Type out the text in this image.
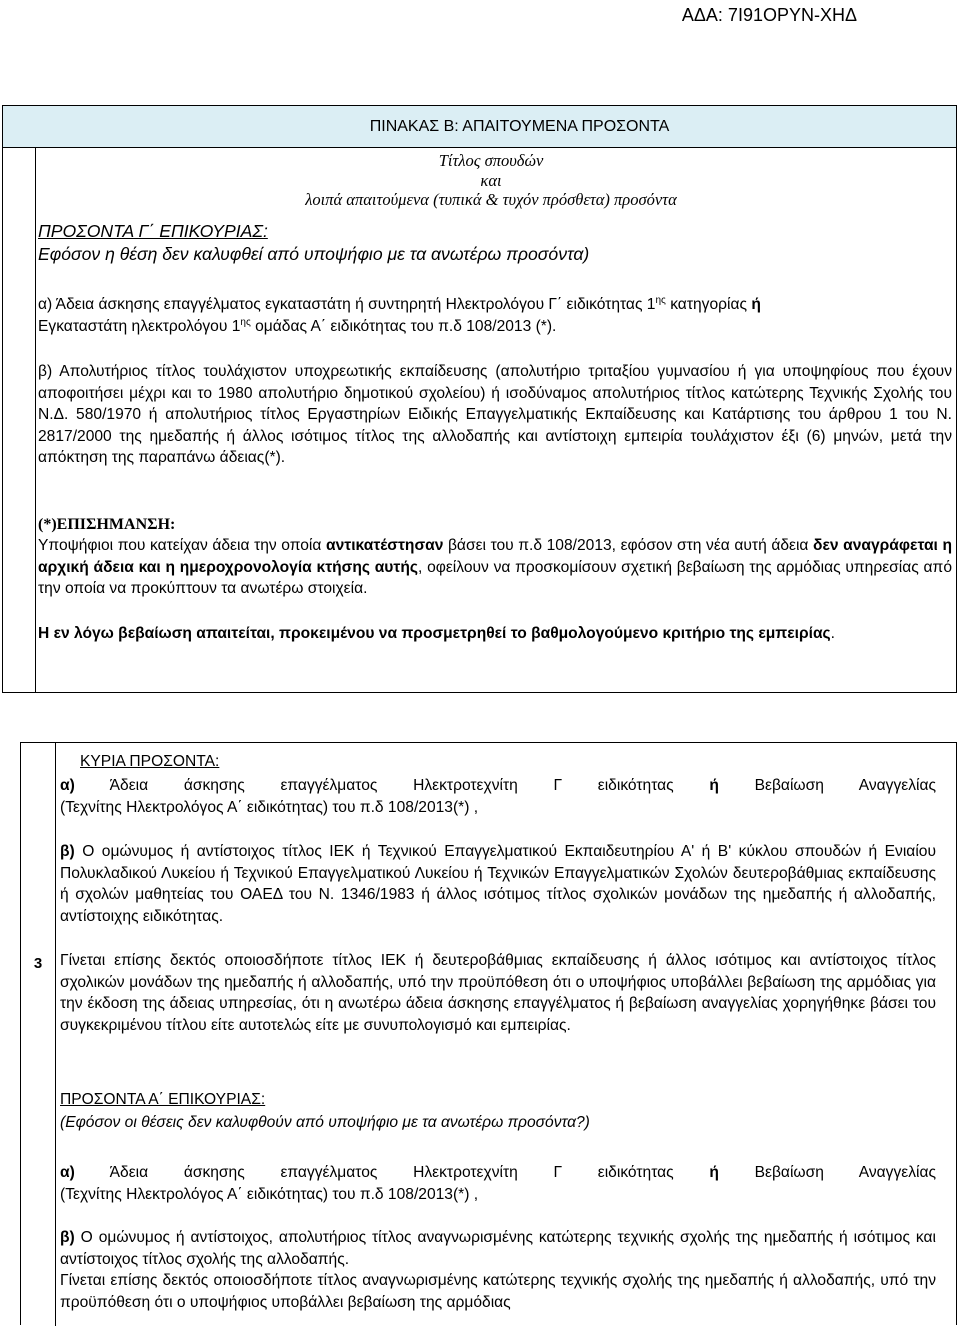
ΑΔΑ: 7Ι91ΟΡΥΝ-ΧΗΔ
ΠΙΝΑΚΑΣ Β: ΑΠΑΙΤΟΥΜΕΝΑ ΠΡΟΣΟΝΤΑ
Τίτλος σπουδών
και
λοιπά απαιτούμενα (τυπικά & τυχόν πρόσθετα) προσόντα
ΠΡΟΣΟΝΤΑ Γ΄ ΕΠΙΚΟΥΡΙΑΣ:
Εφόσον η θέση δεν καλυφθεί από υποψήφιο με τα ανωτέρω προσόντα)
α) Άδεια άσκησης επαγγέλματος εγκαταστάτη ή συντηρητή Ηλεκτρολόγου Γ΄ ειδικότητας $1^{\eta\varsigma}$ κατηγορίας ή
Εγκαταστάτη ηλεκτρολόγου $1^{\eta\varsigma}$ ομάδας Α΄ ειδικότητας του π.δ 108/2013 (*).
β) Απολυτήριος τίτλος τουλάχιστον υποχρεωτικής εκπαίδευσης (απολυτήριο τριταξίου γυμνασίου ή για υποψηφίους που έχουν αποφοιτήσει μέχρι και το 1980 απολυτήριο δημοτικού σχολείου) ή ισοδύναμος απολυτήριος τίτλος κατώτερης Τεχνικής Σχολής του Ν.Δ. 580/1970 ή απολυτήριος τίτλος Εργαστηρίων Ειδικής Επαγγελματικής Εκπαίδευσης και Κατάρτισης του άρθρου 1 του Ν. 2817/2000 της ημεδαπής ή άλλος ισότιμος τίτλος της αλλοδαπής και αντίστοιχη εμπειρία τουλάχιστον έξι (6) μηνών, μετά την απόκτηση της παραπάνω άδειας(*).
(*)ΕΠΙΣΗΜΑΝΣΗ:
Υποψήφιοι που κατείχαν άδεια την οποία αντικατέστησαν βάσει του π.δ 108/2013, εφόσον στη νέα αυτή άδεια δεν αναγράφεται η αρχική άδεια και η ημεροχρονολογία κτήσης αυτής, οφείλουν να προσκομίσουν σχετική βεβαίωση της αρμόδιας υπηρεσίας από την οποία να προκύπτουν τα ανωτέρω στοιχεία.
Η εν λόγω βεβαίωση απαιτείται, προκειμένου να προσμετρηθεί το βαθμολογούμενο κριτήριο της εμπειρίας.
3
ΚΥΡΙΑ ΠΡΟΣΟΝΤΑ:
α) Άδεια άσκησης επαγγέλματος Ηλεκτροτεχνίτη Γ ειδικότητας ή Βεβαίωση Αναγγελίας
(Τεχνίτης Ηλεκτρολόγος Α΄ ειδικότητας) του π.δ 108/2013(*) ,
β) Ο ομώνυμος ή αντίστοιχος τίτλος ΙΕΚ ή Τεχνικού Επαγγελματικού Εκπαιδευτηρίου Α' ή Β' κύκλου σπουδών ή Ενιαίου Πολυκλαδικού Λυκείου ή Τεχνικού Επαγγελματικού Λυκείου ή Τεχνικών Επαγγελματικών Σχολών δευτεροβάθμιας εκπαίδευσης ή σχολών μαθητείας του ΟΑΕΔ του Ν. 1346/1983 ή άλλος ισότιμος τίτλος σχολικών μονάδων της ημεδαπής ή αλλοδαπής, αντίστοιχης ειδικότητας.
Γίνεται επίσης δεκτός οποιοσδήποτε τίτλος ΙΕΚ ή δευτεροβάθμιας εκπαίδευσης ή άλλος ισότιμος και αντίστοιχος τίτλος σχολικών μονάδων της ημεδαπής ή αλλοδαπής, υπό την προϋπόθεση ότι ο υποψήφιος υποβάλλει βεβαίωση της αρμόδιας για την έκδοση της άδειας υπηρεσίας, ότι η ανωτέρω άδεια άσκησης επαγγέλματος ή βεβαίωση αναγγελίας χορηγήθηκε βάσει του συγκεκριμένου τίτλου είτε αυτοτελώς είτε με συνυπολογισμό και εμπειρίας.
ΠΡΟΣΟΝΤΑ Α΄ ΕΠΙΚΟΥΡΙΑΣ:
(Εφόσον οι θέσεις δεν καλυφθούν από υποψήφιο με τα ανωτέρω προσόντα?)
α) Άδεια άσκησης επαγγέλματος Ηλεκτροτεχνίτη Γ ειδικότητας ή Βεβαίωση Αναγγελίας
(Τεχνίτης Ηλεκτρολόγος Α΄ ειδικότητας) του π.δ 108/2013(*) ,
β) Ο ομώνυμος ή αντίστοιχος, απολυτήριος τίτλος αναγνωρισμένης κατώτερης τεχνικής σχολής της ημεδαπής ή ισότιμος και αντίστοιχος τίτλος σχολής της αλλοδαπής.
Γίνεται επίσης δεκτός οποιοσδήποτε τίτλος αναγνωρισμένης κατώτερης τεχνικής σχολής της ημεδαπής ή αλλοδαπής, υπό την προϋπόθεση ότι ο υποψήφιος υποβάλλει βεβαίωση της αρμόδιας
